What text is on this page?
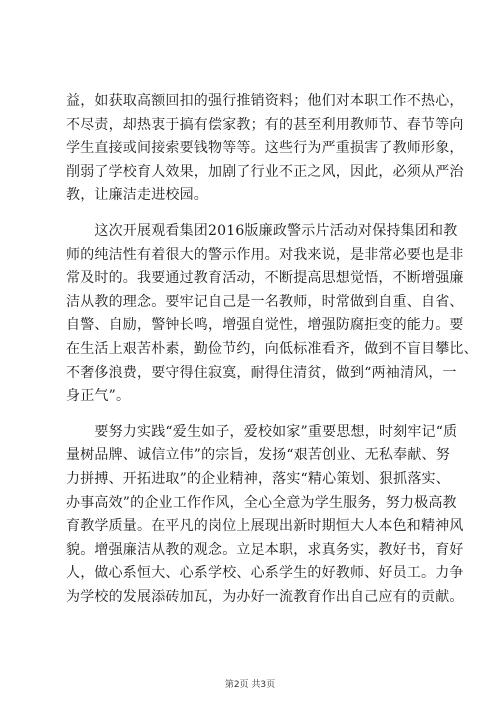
益，如获取高额回扣的强行推销资料；他们对本职工作不热心，
不尽责，却热衷于搞有偿家教；有的甚至利用教师节、春节等向
学生直接或间接索要钱物等等。这些行为严重损害了教师形象，
削弱了学校育人效果，加剧了行业不正之风，因此，必须从严治
教，让廉洁走进校园。

　　这次开展观看集团2016版廉政警示片活动对保持集团和教
师的纯洁性有着很大的警示作用。对我来说，是非常必要也是非
常及时的。我要通过教育活动，不断提高思想觉悟，不断增强廉
洁从教的理念。要牢记自己是一名教师，时常做到自重、自省、
自警、自励，警钟长鸣，增强自觉性，增强防腐拒变的能力。要
在生活上艰苦朴素，勤俭节约，向低标准看齐，做到不盲目攀比、
不奢侈浪费，要守得住寂寞，耐得住清贫，做到“两袖清风，一
身正气”。

　　要努力实践“爱生如子，爱校如家”重要思想，时刻牢记“质
量树品牌、诚信立伟”的宗旨，发扬“艰苦创业、无私奉献、努
力拼搏、开拓进取”的企业精神，落实“精心策划、狠抓落实、
办事高效”的企业工作作风，全心全意为学生服务，努力极高教
育教学质量。在平凡的岗位上展现出新时期恒大人本色和精神风
貌。增强廉洁从教的观念。立足本职，求真务实，教好书，育好
人，做心系恒大、心系学校、心系学生的好教师、好员工。力争
为学校的发展添砖加瓦，为办好一流教育作出自己应有的贡献。

第2页 共3页
